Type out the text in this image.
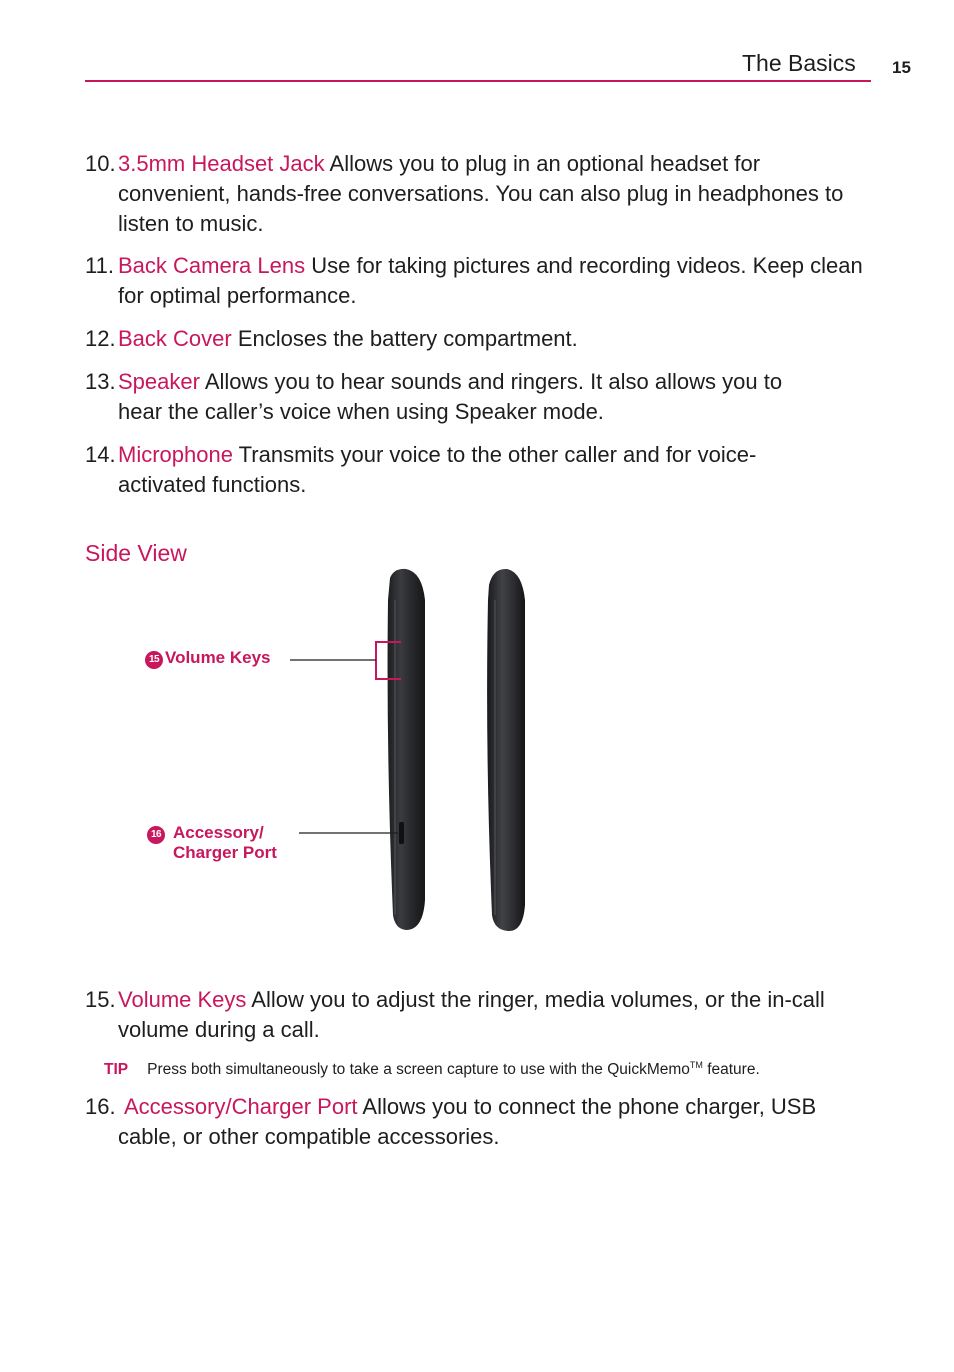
The Basics 15
10. 3.5mm Headset Jack Allows you to plug in an optional headset for convenient, hands-free conversations. You can also plug in headphones to listen to music.
11. Back Camera Lens Use for taking pictures and recording videos. Keep clean for optimal performance.
12. Back Cover Encloses the battery compartment.
13. Speaker Allows you to hear sounds and ringers. It also allows you to hear the caller’s voice when using Speaker mode.
14. Microphone Transmits your voice to the other caller and for voice- activated functions.
Side View
15 Volume Keys
16 Accessory/
Charger Port
15. Volume Keys Allow you to adjust the ringer, media volumes, or the in-call volume during a call.
TIP Press both simultaneously to take a screen capture to use with the QuickMemo™ feature.
16. Accessory/Charger Port Allows you to connect the phone charger, USB cable, or other compatible accessories.
